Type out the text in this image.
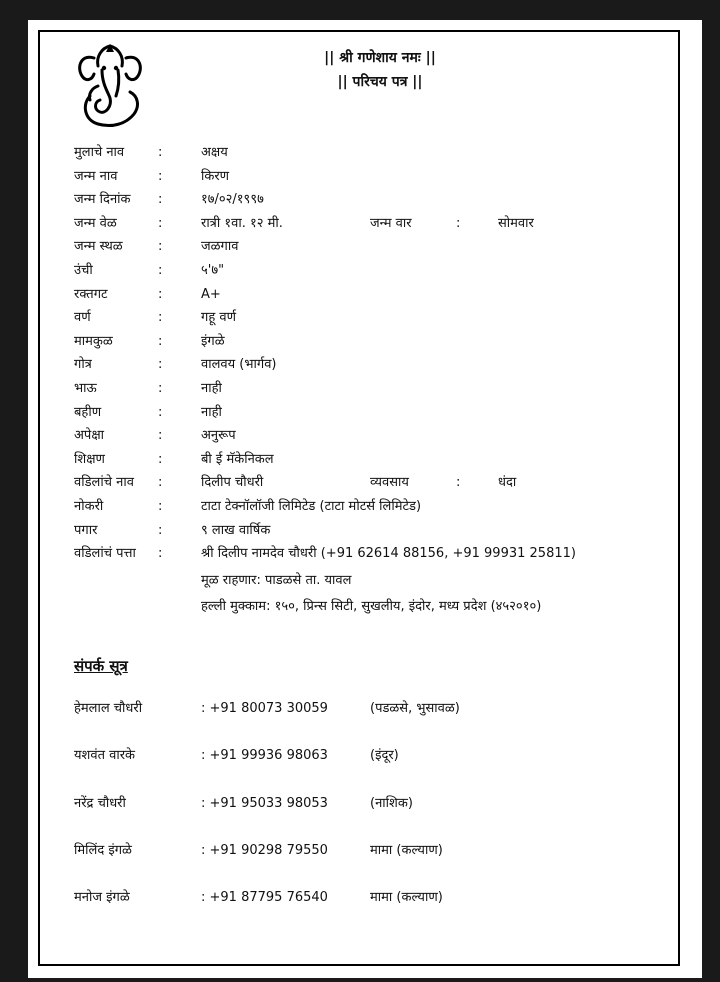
|| श्री गणेशाय नमः ||
|| परिचय पत्र ||
मुलाचे नाव	:	अक्षय
जन्म नाव	:	किरण
जन्म दिनांक :	१७/०२/१९९७
जन्म वेळ	:	रात्री १वा. १२ मी.	जन्म वार	:	सोमवार
जन्म स्थळ	:	जळगाव
उंची	:	५'७"
रक्तगट	:	A+
वर्ण	:	गहू वर्ण
मामकुळ	:	इंगळे
गोत्र	:	वालवय (भार्गव)
भाऊ	:	नाही
बहीण	:	नाही
अपेक्षा	:	अनुरूप
शिक्षण	:	बी ई मॅकेनिकल
वडिलांचे नाव :	दिलीप चौधरी	व्यवसाय	:	धंदा
नोकरी	:	टाटा टेक्नॉलॉजी लिमिटेड (टाटा मोटर्स लिमिटेड)
पगार	:	९ लाख वार्षिक
वडिलांचं पत्ता :	श्री दिलीप नामदेव चौधरी (+91 62614 88156, +91 99931 25811)
मूळ राहणार: पाडळसे ता. यावल
हल्ली मुक्काम: १५०, प्रिन्स सिटी, सुखलीय, इंदोर, मध्य प्रदेश (४५२०१०)
संपर्क सूत्र
हेमलाल चौधरी	: +91 80073 30059	(पडळसे, भुसावळ)
यशवंत वारके	: +91 99936 98063	(इंदूर)
नरेंद्र चौधरी	: +91 95033 98053	(नाशिक)
मिलिंद इंगळे	: +91 90298 79550	मामा (कल्याण)
मनोज इंगळे	: +91 87795 76540	मामा (कल्याण)
